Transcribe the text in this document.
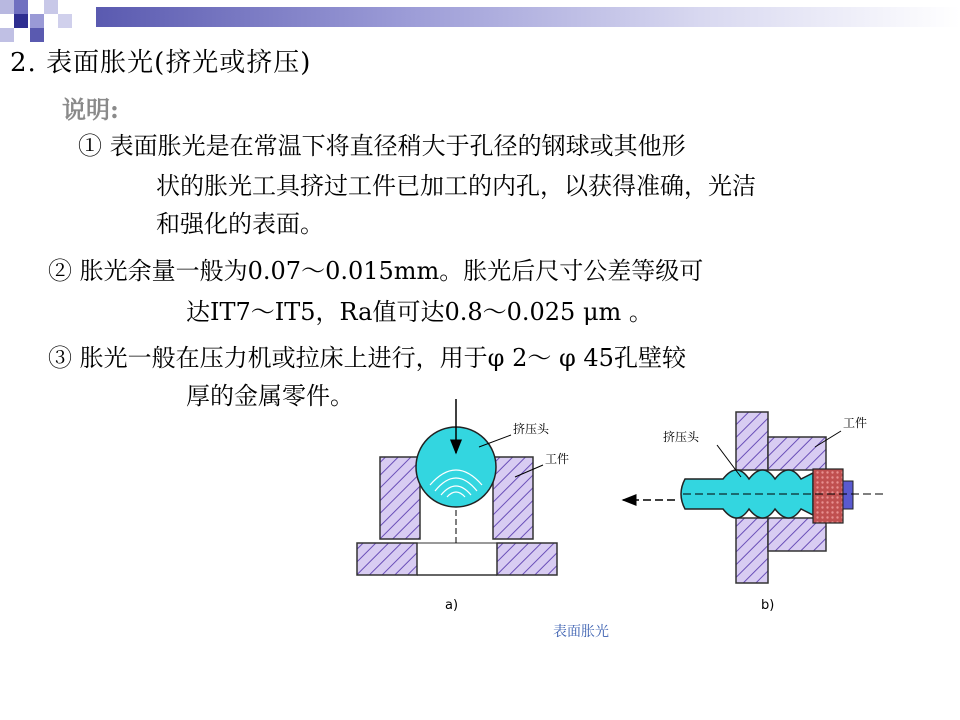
2. 表面胀光(挤光或挤压)
说明:
① 表面胀光是在常温下将直径稍大于孔径的钢球或其他形
状的胀光工具挤过工件已加工的内孔，以获得准确，光洁
和强化的表面。
② 胀光余量一般为0.07～0.015mm。胀光后尺寸公差等级可
达IT7～IT5，Ra值可达0.8～0.025 μm 。
③ 胀光一般在压力机或拉床上进行，用于φ 2～ φ 45孔壁较
厚的金属零件。
挤压头
工件
a)
挤压头
工件
b)
表面胀光
